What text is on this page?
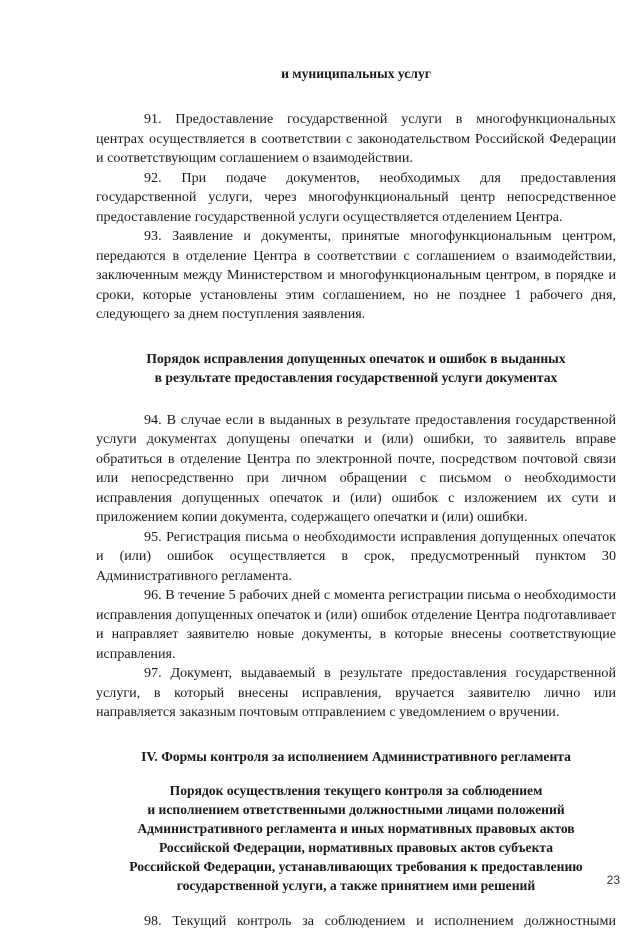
и муниципальных услуг

91. Предоставление государственной услуги в многофункциональных центрах осуществляется в соответствии с законодательством Российской Федерации и соответствующим соглашением о взаимодействии.

92. При подаче документов, необходимых для предоставления государственной услуги, через многофункциональный центр непосредственное предоставление государственной услуги осуществляется отделением Центра.

93. Заявление и документы, принятые многофункциональным центром, передаются в отделение Центра в соответствии с соглашением о взаимодействии, заключенным между Министерством и многофункциональным центром, в порядке и сроки, которые установлены этим соглашением, но не позднее 1 рабочего дня, следующего за днем поступления заявления.

Порядок исправления допущенных опечаток и ошибок в выданных

в результате предоставления государственной услуги документах

94. В случае если в выданных в результате предоставления государственной услуги документах допущены опечатки и (или) ошибки, то заявитель вправе обратиться в отделение Центра по электронной почте, посредством почтовой связи или непосредственно при личном обращении с письмом о необходимости исправления допущенных опечаток и (или) ошибок с изложением их сути и приложением копии документа, содержащего опечатки и (или) ошибки.

95. Регистрация письма о необходимости исправления допущенных опечаток и (или) ошибок осуществляется в срок, предусмотренный пунктом 30 Административного регламента.

96. В течение 5 рабочих дней с момента регистрации письма о необходимости исправления допущенных опечаток и (или) ошибок отделение Центра подготавливает и направляет заявителю новые документы, в которые внесены соответствующие исправления.

97. Документ, выдаваемый в результате предоставления государственной услуги, в который внесены исправления, вручается заявителю лично или направляется заказным почтовым отправлением с уведомлением о вручении.

IV. Формы контроля за исполнением Административного регламента

Порядок осуществления текущего контроля за соблюдением

и исполнением ответственными должностными лицами положений

Административного регламента и иных нормативных правовых актов

Российской Федерации, нормативных правовых актов субъекта

Российской Федерации, устанавливающих требования к предоставлению

государственной услуги, а также принятием ими решений

98. Текущий контроль за соблюдением и исполнением должностными

23
